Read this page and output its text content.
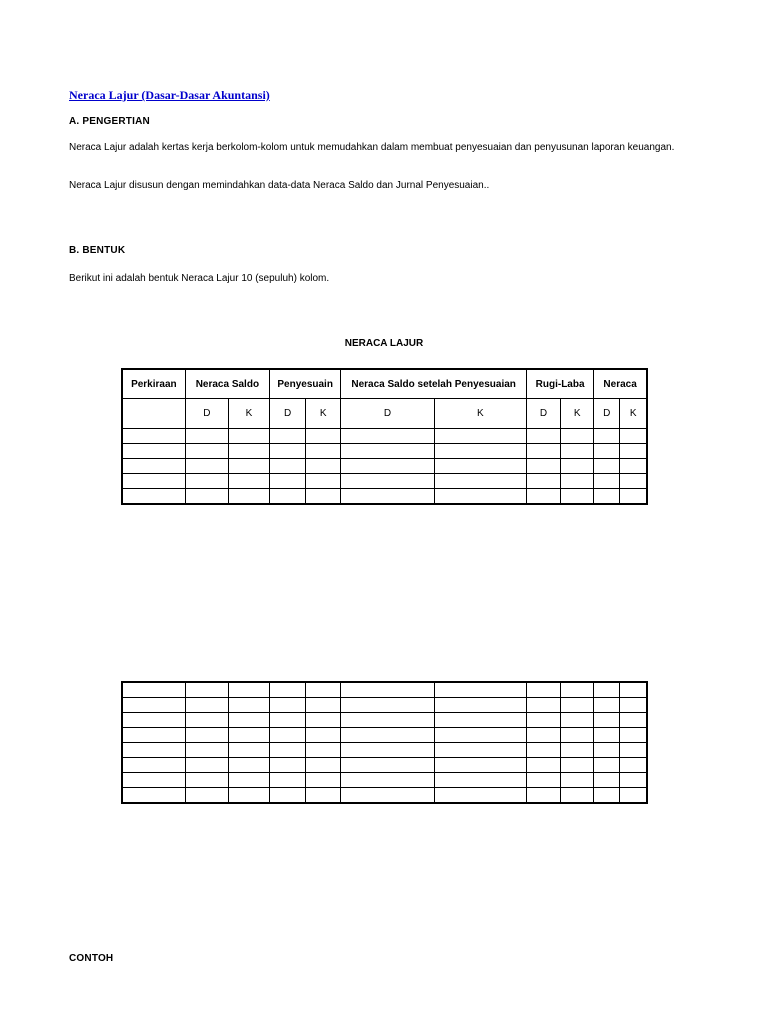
Neraca Lajur (Dasar-Dasar Akuntansi)
A. PENGERTIAN
Neraca Lajur adalah kertas kerja berkolom-kolom untuk memudahkan dalam membuat penyesuaian dan penyusunan laporan keuangan.
Neraca Lajur disusun dengan memindahkan data-data Neraca Saldo dan Jurnal Penyesuaian..
B. BENTUK
Berikut ini adalah bentuk Neraca Lajur 10 (sepuluh) kolom.
NERACA LAJUR
Perkiraan	Neraca Saldo		Penyesuain		Neraca Saldo setelah Penyesuaian		Rugi-Laba		Neraca	
	D	K	D	K	D	K	D	K	D	K

CONTOH
